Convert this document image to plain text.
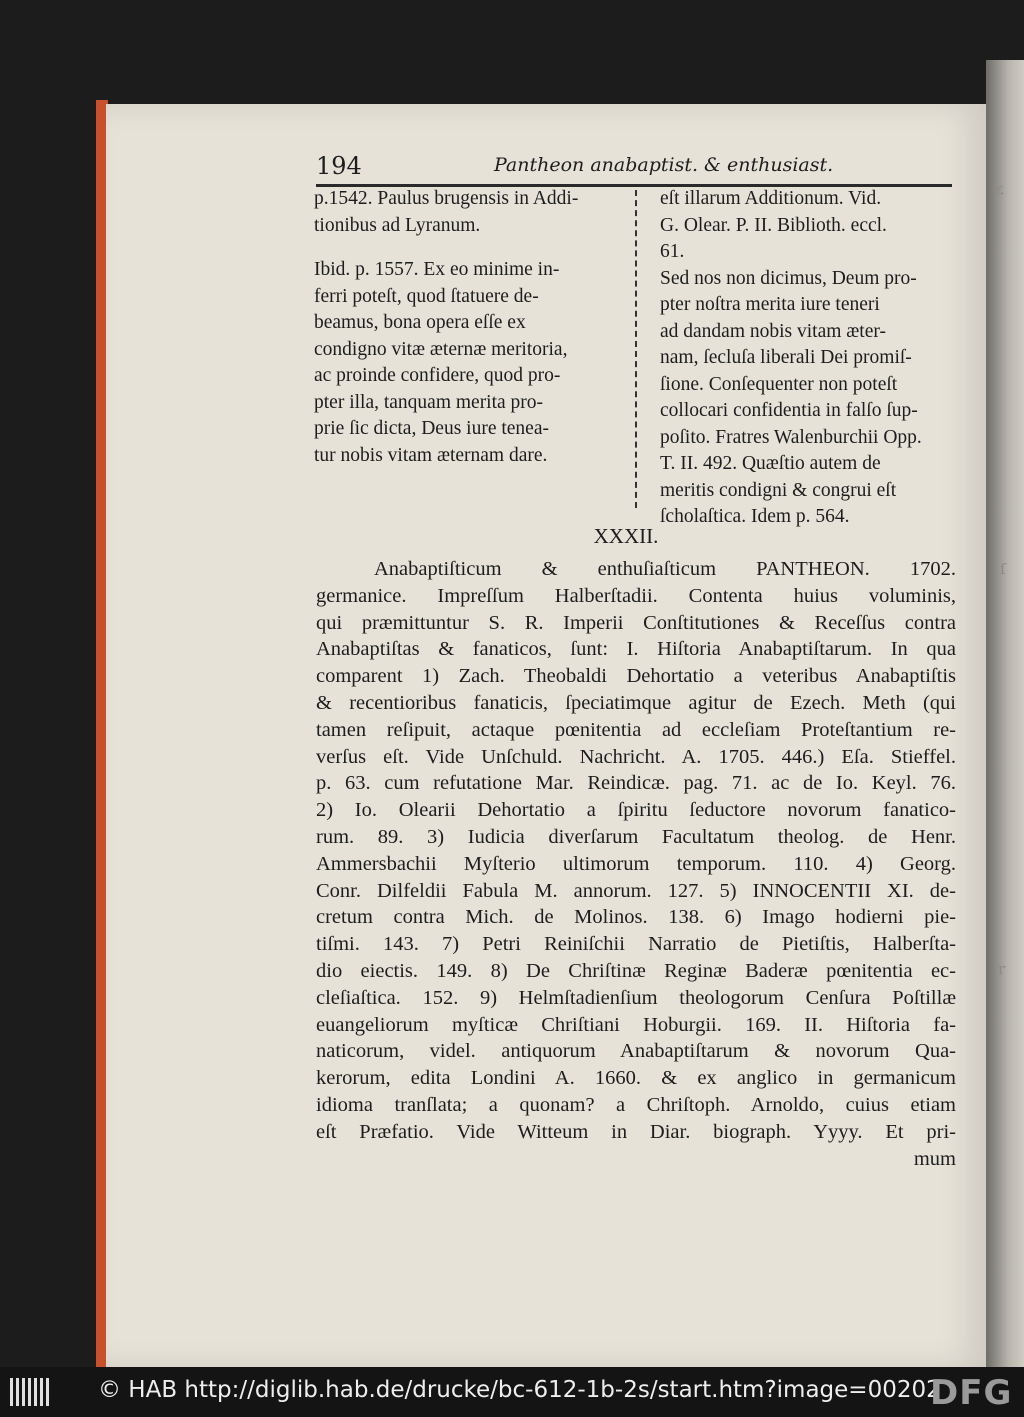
ε
ſ
r
194	Pantheon anabaptist. & enthusiast.
p.1542. Paulus brugensis in Addi-
tionibus ad Lyranum.
Ibid. p. 1557. Ex eo minime in-
ferri poteſt, quod ſtatuere de-
beamus, bona opera eſſe ex
condigno vitæ æternæ meritoria,
ac proinde confidere, quod pro-
pter illa, tanquam merita pro-
prie ſic dicta, Deus iure tenea-
tur nobis vitam æternam dare.
eſt illarum Additionum. Vid.
G. Olear. P. II. Biblioth. eccl.
61.
Sed nos non dicimus, Deum pro-
pter noſtra merita iure teneri
ad dandam nobis vitam æter-
nam, ſecluſa liberali Dei promiſ-
ſione. Conſequenter non poteſt
collocari confidentia in falſo ſup-
poſito. Fratres Walenburchii Opp.
T. II. 492. Quæſtio autem de
meritis condigni & congrui eſt
ſcholaſtica. Idem p. 564.
XXXII.
Anabaptiſticum & enthuſiaſticum PANTHEON. 1702.
germanice. Impreſſum Halberſtadii. Contenta huius voluminis,
qui præmittuntur S. R. Imperii Conſtitutiones & Receſſus contra
Anabaptiſtas & fanaticos, ſunt: I. Hiſtoria Anabaptiſtarum. In qua
comparent 1) Zach. Theobaldi Dehortatio a veteribus Anabaptiſtis
& recentioribus fanaticis, ſpeciatimque agitur de Ezech. Meth (qui
tamen reſipuit, actaque pœnitentia ad eccleſiam Proteſtantium re-
verſus eſt. Vide Unſchuld. Nachricht. A. 1705. 446.) Eſa. Stieffel.
p. 63. cum refutatione Mar. Reindicæ. pag. 71. ac de Io. Keyl. 76.
2) Io. Olearii Dehortatio a ſpiritu ſeductore novorum fanatico-
rum. 89. 3) Iudicia diverſarum Facultatum theolog. de Henr.
Ammersbachii Myſterio ultimorum temporum. 110. 4) Georg.
Conr. Dilfeldii Fabula M. annorum. 127. 5) INNOCENTII XI. de-
cretum contra Mich. de Molinos. 138. 6) Imago hodierni pie-
tiſmi. 143. 7) Petri Reiniſchii Narratio de Pietiſtis, Halberſta-
dio eiectis. 149. 8) De Chriſtinæ Reginæ Baderæ pœnitentia ec-
cleſiaſtica. 152. 9) Helmſtadienſium theologorum Cenſura Poſtillæ
euangeliorum myſticæ Chriſtiani Hoburgii. 169. II. Hiſtoria fa-
naticorum, videl. antiquorum Anabaptiſtarum & novorum Qua-
kerorum, edita Londini A. 1660. & ex anglico in germanicum
idioma tranſlata; a quonam? a Chriſtoph. Arnoldo, cuius etiam
eſt Præfatio. Vide Witteum in Diar. biograph. Yyyy. Et pri-
mum
© HAB http://diglib.hab.de/drucke/bc-612-1b-2s/start.htm?image=00202
DFG
